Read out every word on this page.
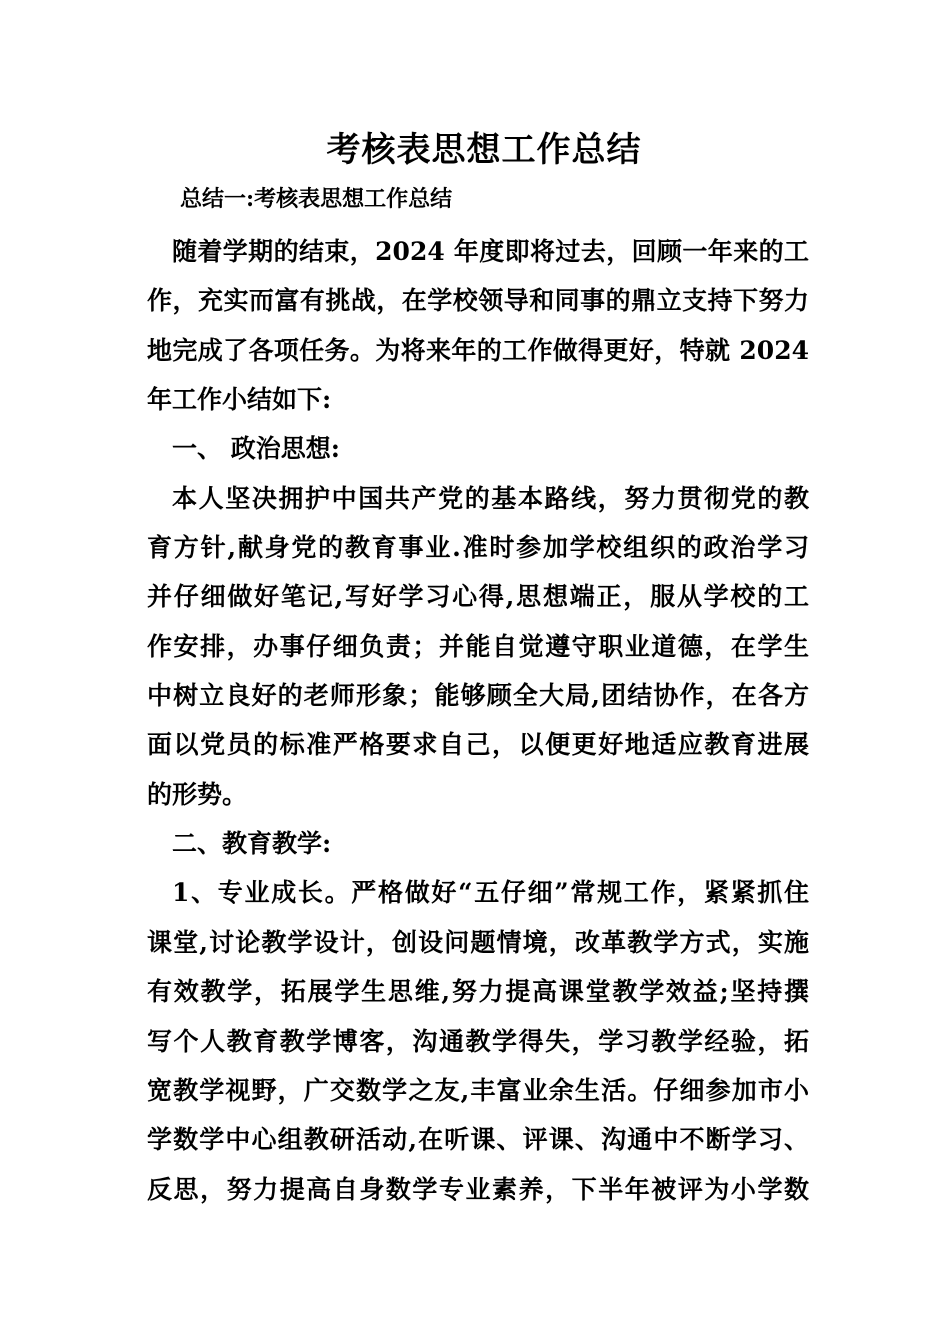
考核表思想工作总结
总结一:考核表思想工作总结
随着学期的结束，2024 年度即将过去，回顾一年来的工
作，充实而富有挑战，在学校领导和同事的鼎立支持下努力
地完成了各项任务。为将来年的工作做得更好，特就 2024
年工作小结如下:
一、 政治思想:
本人坚决拥护中国共产党的基本路线，努力贯彻党的教
育方针,献身党的教育事业.准时参加学校组织的政治学习
并仔细做好笔记,写好学习心得,思想端正，服从学校的工
作安排，办事仔细负责；并能自觉遵守职业道德，在学生
中树立良好的老师形象；能够顾全大局,团结协作，在各方
面以党员的标准严格要求自己，以便更好地适应教育进展
的形势。
二、教育教学:
1、专业成长。严格做好“五仔细”常规工作，紧紧抓住
课堂,讨论教学设计，创设问题情境，改革教学方式，实施
有效教学，拓展学生思维,努力提高课堂教学效益;坚持撰
写个人教育教学博客，沟通教学得失，学习教学经验，拓
宽教学视野，广交数学之友,丰富业余生活。仔细参加市小
学数学中心组教研活动,在听课、评课、沟通中不断学习、
反思，努力提高自身数学专业素养，下半年被评为小学数
